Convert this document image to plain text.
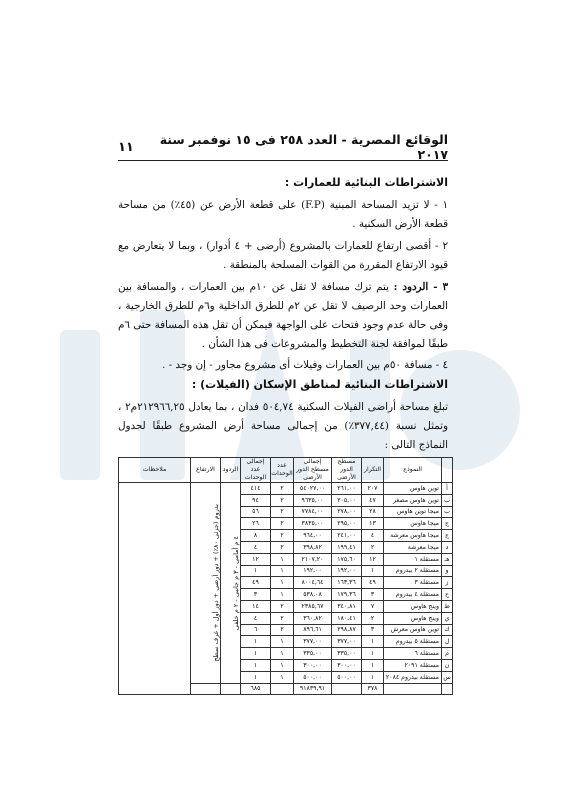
الوقائع المصرية - العدد ٢٥٨ فى ١٥ نوفمبر سنة ٢٠١٧
١١
الاشتراطات البنائية للعمارات :
١ - لا تزيد المساحة المبنية (F.P) على قطعة الأرض عن (٤٥٪) من مساحة قطعة الأرض السكنية .
٢ - أقصى ارتفاع للعمارات بالمشروع (أرضى + ٤ أدوار) ، وبما لا يتعارض مع قيود الارتفاع المقررة من القوات المسلحة بالمنطقة .
٣ - الردود : يتم ترك مسافة لا تقل عن ١٠م بين العمارات ، والمسافة بين العمارات وحد الرصيف لا تقل عن ٢م للطرق الداخلية و٦م للطرق الخارجية ، وفى حالة عدم وجود فتحات على الواجهة فيمكن أن تقل هذه المسافة حتى ٦م طبقًا لموافقة لجنة التخطيط والمشروعات فى هذا الشأن .
٤ - مسافة ٥٠م بين العمارات وفيلات أى مشروع مجاور - إن وجد - .
الاشتراطات البنائية لمناطق الإسكان (الفيلات) :
تبلغ مساحة أراضى الفيلات السكنية ٥٠٤,٧٤ فدان ، بما يعادل ٢١٢٩٦٦,٢٥م٢ ، وتمثل نسبة (٣٧٧,٤٤٪) من إجمالى مساحة أرض المشروع طبقًا لجدول النماذج التالى :
	النموذج	التكرار	مسطح الدور الأرضى	إجمالى مسطح الدور الأرضى	عدد الوحدات	إجمالى عدد الوحدات	الردود	الارتفاع	ملاحظات
أ	توين هاوس	٢٠٧	٢٦١,٠٠	٥٤٠٢٧,٠٠	٢	٤١٤	٤ م أمامى - ٣ م جانبى - ٢ م خلفى	بدروم (جزئى ٨٠٪) + دور أرضى + دور أول + غرف سطح	

ب	توين هاوس مصغر	٤٧	٢٠٥,٠٠	٩٦٣٥,٠٠	٢	٩٤			
ب	ميجا توين هاوس	٢٨	٢٧٨,٠٠	٧٧٨٤,٠٠	٢	٥٦			
ج	ميجا هاوس	١٣	٢٩٥,٠٠	٣٨٣٥,٠٠	٢	٢٦			
ج	ميجا هاوس معرشة	٤	٢٤١,٠٠	٩٦٤,٠٠	٢	٨			
د	ميجا معرشة	٢	١٩٩,٤١	٣٩٨,٨٢	٢	٤			
هـ	مستقلة ١	١٢	١٧٥,٦٠	٢١٠٧,٢٠	١	١٢			
و	مستقلة ٢ بيدروم	١	١٩٢,٠٠	١٩٢,٠٠	١	١			
ز	مستقلة ٣	٤٩	١٦٣,٣٦	٨٠٠٤,٦٤	١	٤٩			
ح	مستقلة ٤ بيدروم	٣	١٧٩,٣٦	٥٣٨,٠٨	١	٣			
ط	وينج هاوس	٧	٣٤٠,٨١	٢٣٨٥,٦٧	٢	١٤			
ي	وينج هاوس	٢	١٨٠,٤١	٣٦٠,٨٢	٢	٤			
ك	توين هاوس معرش	٣	٢٩٨,٨٧	٨٩٦,٦١	٢	٦			
ل	مستقلة ٥ بيدروم	١	٣٧٧,٠٠	٣٧٧,٠٠	١	١			
م	مستقلة ٦	١	٣٣٥,٠٠	٣٣٥,٠٠	١	١			
ن	مستقلة ٢٠٩١	١	٣٠٠,٠٠	٣٠٠,٠٠	١	١			
س	مستقلة بيدروم ٢٠٨٤	١	٥٠٠,٠٠	٥٠٠,٠٠	١	١			
		٣٧٨		٩١٨٣٩,٩١		٦٨٥			
